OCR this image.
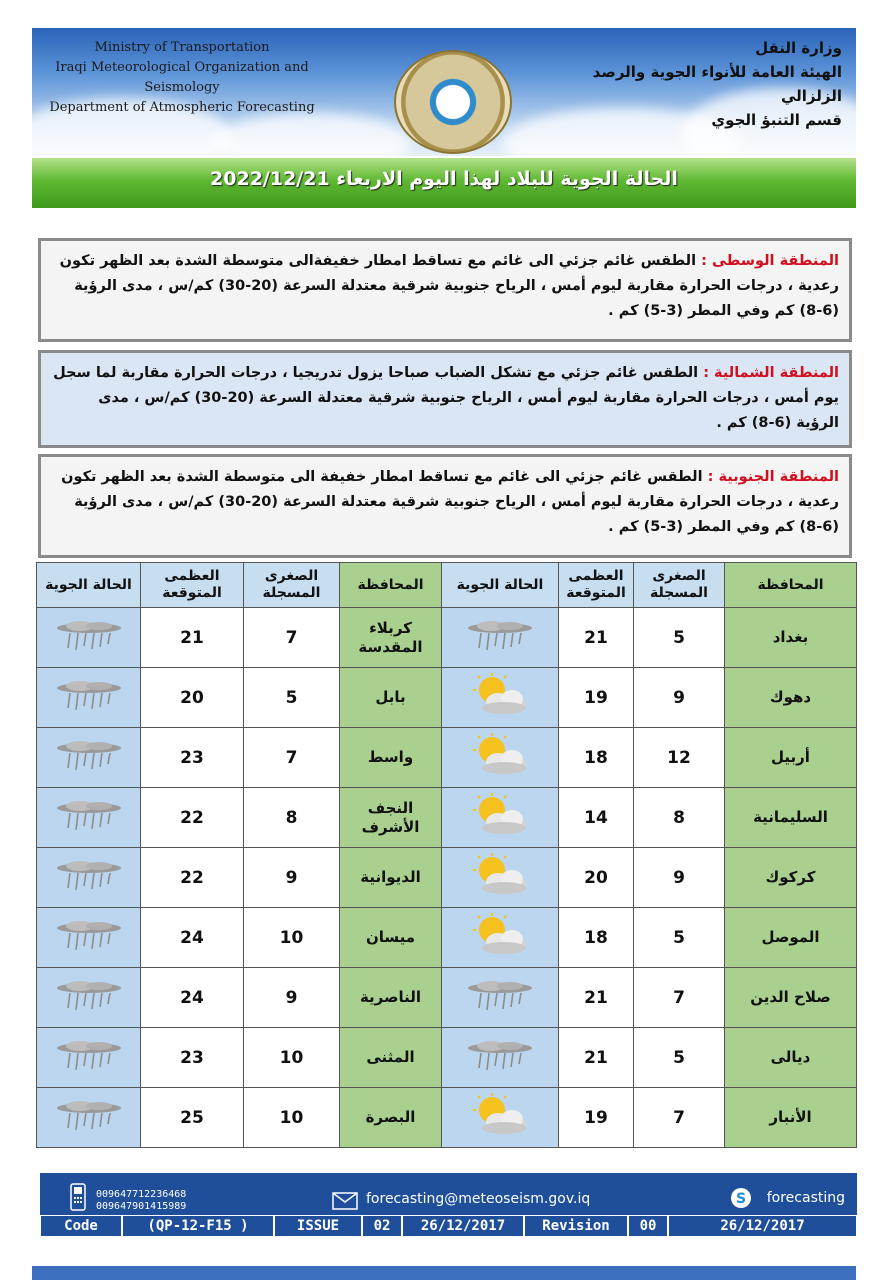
Ministry of Transportation
Iraqi Meteorological Organization and Seismology
Department of Atmospheric Forecasting
وزارة النقل
الهيئة العامة للأنواء الجوية والرصد الزلزالي
قسم التنبؤ الجوي
الحالة الجوية للبلاد لهذا اليوم الاربعاء 2022/12/21
المنطقة الوسطى : الطقس غائم جزئي الى غائم مع تساقط امطار خفيفةالى متوسطة الشدة بعد الظهر تكون رعدية ، درجات الحرارة مقاربة ليوم أمس ، الرياح جنوبية شرقية معتدلة السرعة (20-30) كم/س ، مدى الرؤية (6-8) كم وفي المطر (3-5) كم .
المنطقة الشمالية : الطقس غائم جزئي مع تشكل الضباب صباحا يزول تدريجيا ، درجات الحرارة مقاربة لما سجل يوم أمس ، درجات الحرارة مقاربة ليوم أمس ، الرياح جنوبية شرقية معتدلة السرعة (20-30) كم/س ، مدى الرؤية (6-8) كم .
المنطقة الجنوبية : الطقس غائم جزئي الى غائم مع تساقط امطار خفيفة الى متوسطة الشدة بعد الظهر تكون رعدية ، درجات الحرارة مقاربة ليوم أمس ، الرياح جنوبية شرقية معتدلة السرعة (20-30) كم/س ، مدى الرؤية (6-8) كم وفي المطر (3-5) كم .
الحالة الجوية	العظمى المتوقعة	الصغرى المسجلة	المحافظة	الحالة الجوية	العظمى المتوقعة	الصغرى المسجلة	المحافظة
	21	7	كربلاء المقدسة		21	5	بغداد
	20	5	بابل		19	9	دهوك
	23	7	واسط		18	12	أربيل
	22	8	النجف الأشرف		14	8	السليمانية
	22	9	الديوانية		20	9	كركوك
	24	10	ميسان		18	5	الموصل
	24	9	الناصرية		21	7	صلاح الدين
	23	10	المثنى		21	5	ديالى
	25	10	البصرة		19	7	الأنبار
009647712236468
009647901415989	forecasting@meteoseism.gov.iq	S forecasting
Code	(QP-12-F15 )	ISSUE	02	26/12/2017	Revision	00	26/12/2017
